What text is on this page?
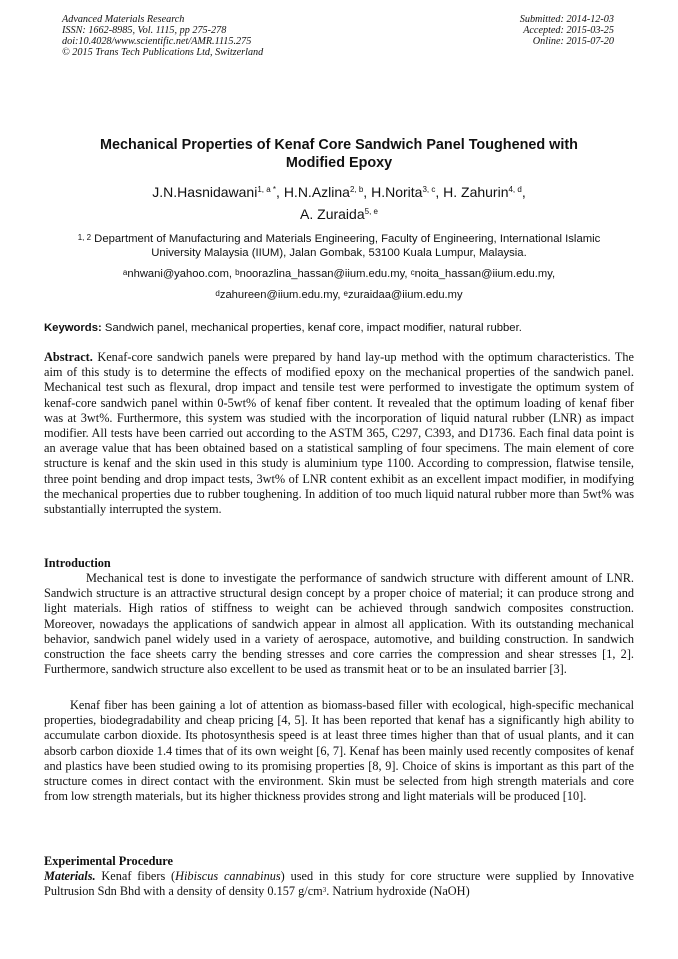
Advanced Materials Research
ISSN: 1662-8985, Vol. 1115, pp 275-278
doi:10.4028/www.scientific.net/AMR.1115.275
© 2015 Trans Tech Publications Ltd, Switzerland
Submitted: 2014-12-03
Accepted: 2015-03-25
Online: 2015-07-20
Mechanical Properties of Kenaf Core Sandwich Panel Toughened with
Modified Epoxy
J.N.Hasnidawani$^{1, a *}$, H.N.Azlina$^{2, b}$, H.Norita$^{3, c}$, H. Zahurin$^{4, d}$,
A. Zuraida$^{5, e}$
$^{1, 2}$ Department of Manufacturing and Materials Engineering, Faculty of Engineering, International Islamic University Malaysia (IIUM), Jalan Gombak, 53100 Kuala Lumpur, Malaysia.
$^a$nhwani@yahoo.com, $^b$noorazlina_hassan@iium.edu.my, $^c$noita_hassan@iium.edu.my,
$^d$zahureen@iium.edu.my, $^e$zuraidaa@iium.edu.my
Keywords: Sandwich panel, mechanical properties, kenaf core, impact modifier, natural rubber.
Abstract. Kenaf-core sandwich panels were prepared by hand lay-up method with the optimum characteristics. The aim of this study is to determine the effects of modified epoxy on the mechanical properties of the sandwich panel. Mechanical test such as flexural, drop impact and tensile test were performed to investigate the optimum system of kenaf-core sandwich panel within 0-5wt% of kenaf fiber content. It revealed that the optimum loading of kenaf fiber was at 3wt%. Furthermore, this system was studied with the incorporation of liquid natural rubber (LNR) as impact modifier. All tests have been carried out according to the ASTM 365, C297, C393, and D1736. Each final data point is an average value that has been obtained based on a statistical sampling of four specimens. The main element of core structure is kenaf and the skin used in this study is aluminium type 1100. According to compression, flatwise tensile, three point bending and drop impact tests, 3wt% of LNR content exhibit as an excellent impact modifier, in modifying the mechanical properties due to rubber toughening. In addition of too much liquid natural rubber more than 5wt% was substantially interrupted the system.
Introduction
Mechanical test is done to investigate the performance of sandwich structure with different amount of LNR. Sandwich structure is an attractive structural design concept by a proper choice of material; it can produce strong and light materials. High ratios of stiffness to weight can be achieved through sandwich composites construction. Moreover, nowadays the applications of sandwich appear in almost all application. With its outstanding mechanical behavior, sandwich panel widely used in a variety of aerospace, automotive, and building construction. In sandwich construction the face sheets carry the bending stresses and core carries the compression and shear stresses [1, 2]. Furthermore, sandwich structure also excellent to be used as transmit heat or to be an insulated barrier [3].
Kenaf fiber has been gaining a lot of attention as biomass-based filler with ecological, high-specific mechanical properties, biodegradability and cheap pricing [4, 5]. It has been reported that kenaf has a significantly high ability to accumulate carbon dioxide. Its photosynthesis speed is at least three times higher than that of usual plants, and it can absorb carbon dioxide 1.4 times that of its own weight [6, 7]. Kenaf has been mainly used recently composites of kenaf and plastics have been studied owing to its promising properties [8, 9]. Choice of skins is important as this part of the structure comes in direct contact with the environment. Skin must be selected from high strength materials and core from low strength materials, but its higher thickness provides strong and light materials will be produced [10].
Experimental Procedure
Materials. Kenaf fibers (Hibiscus cannabinus) used in this study for core structure were supplied by Innovative Pultrusion Sdn Bhd with a density of density 0.157 $g/cm^3$. Natrium hydroxide (NaOH)
